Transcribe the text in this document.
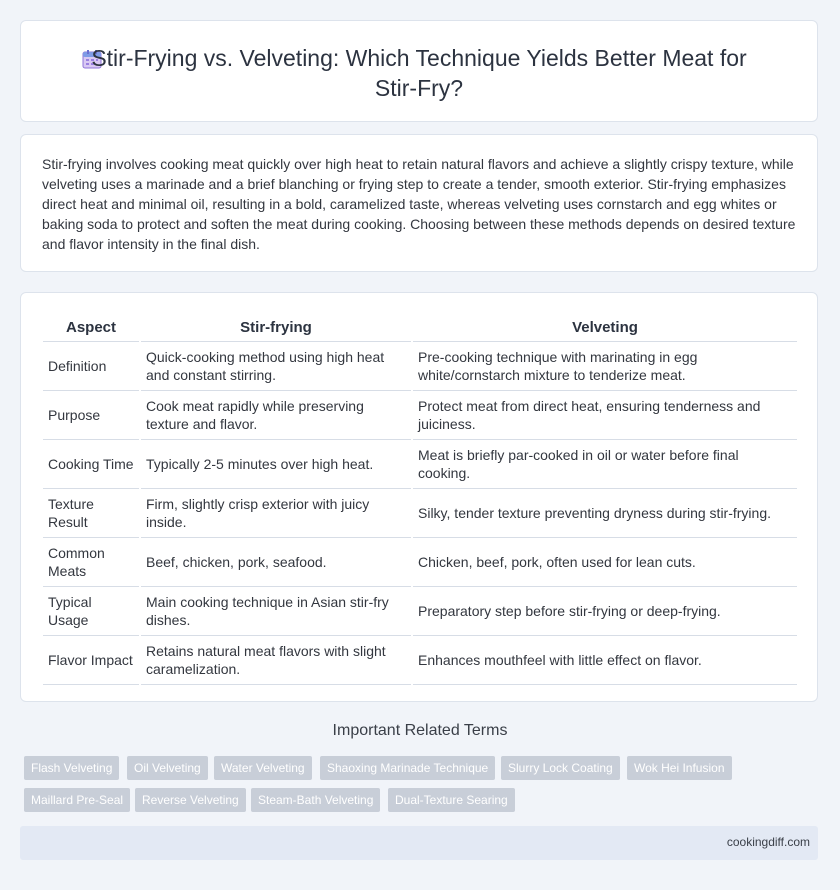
Stir-Frying vs. Velveting: Which Technique Yields Better Meat for Stir-Fry?

Stir-frying involves cooking meat quickly over high heat to retain natural flavors and achieve a slightly crispy texture, while velveting uses a marinade and a brief blanching or frying step to create a tender, smooth exterior. Stir-frying emphasizes direct heat and minimal oil, resulting in a bold, caramelized taste, whereas velveting uses cornstarch and egg whites or baking soda to protect and soften the meat during cooking. Choosing between these methods depends on desired texture and flavor intensity in the final dish.

Aspect	Stir-frying	Velveting
Definition	Quick-cooking method using high heat and constant stirring.	Pre-cooking technique with marinating in egg white/cornstarch mixture to tenderize meat.
Purpose	Cook meat rapidly while preserving texture and flavor.	Protect meat from direct heat, ensuring tenderness and juiciness.
Cooking Time	Typically 2-5 minutes over high heat.	Meat is briefly par-cooked in oil or water before final cooking.
Texture Result	Firm, slightly crisp exterior with juicy inside.	Silky, tender texture preventing dryness during stir-frying.
Common Meats	Beef, chicken, pork, seafood.	Chicken, beef, pork, often used for lean cuts.
Typical Usage	Main cooking technique in Asian stir-fry dishes.	Preparatory step before stir-frying or deep-frying.
Flavor Impact	Retains natural meat flavors with slight caramelization.	Enhances mouthfeel with little effect on flavor.
Important Related Terms
Flash Velveting	Oil Velveting	Water Velveting	Shaoxing Marinade Technique	Slurry Lock Coating	Wok Hei Infusion
Maillard Pre-Seal	Reverse Velveting	Steam-Bath Velveting	Dual-Texture Searing
cookingdiff.com
